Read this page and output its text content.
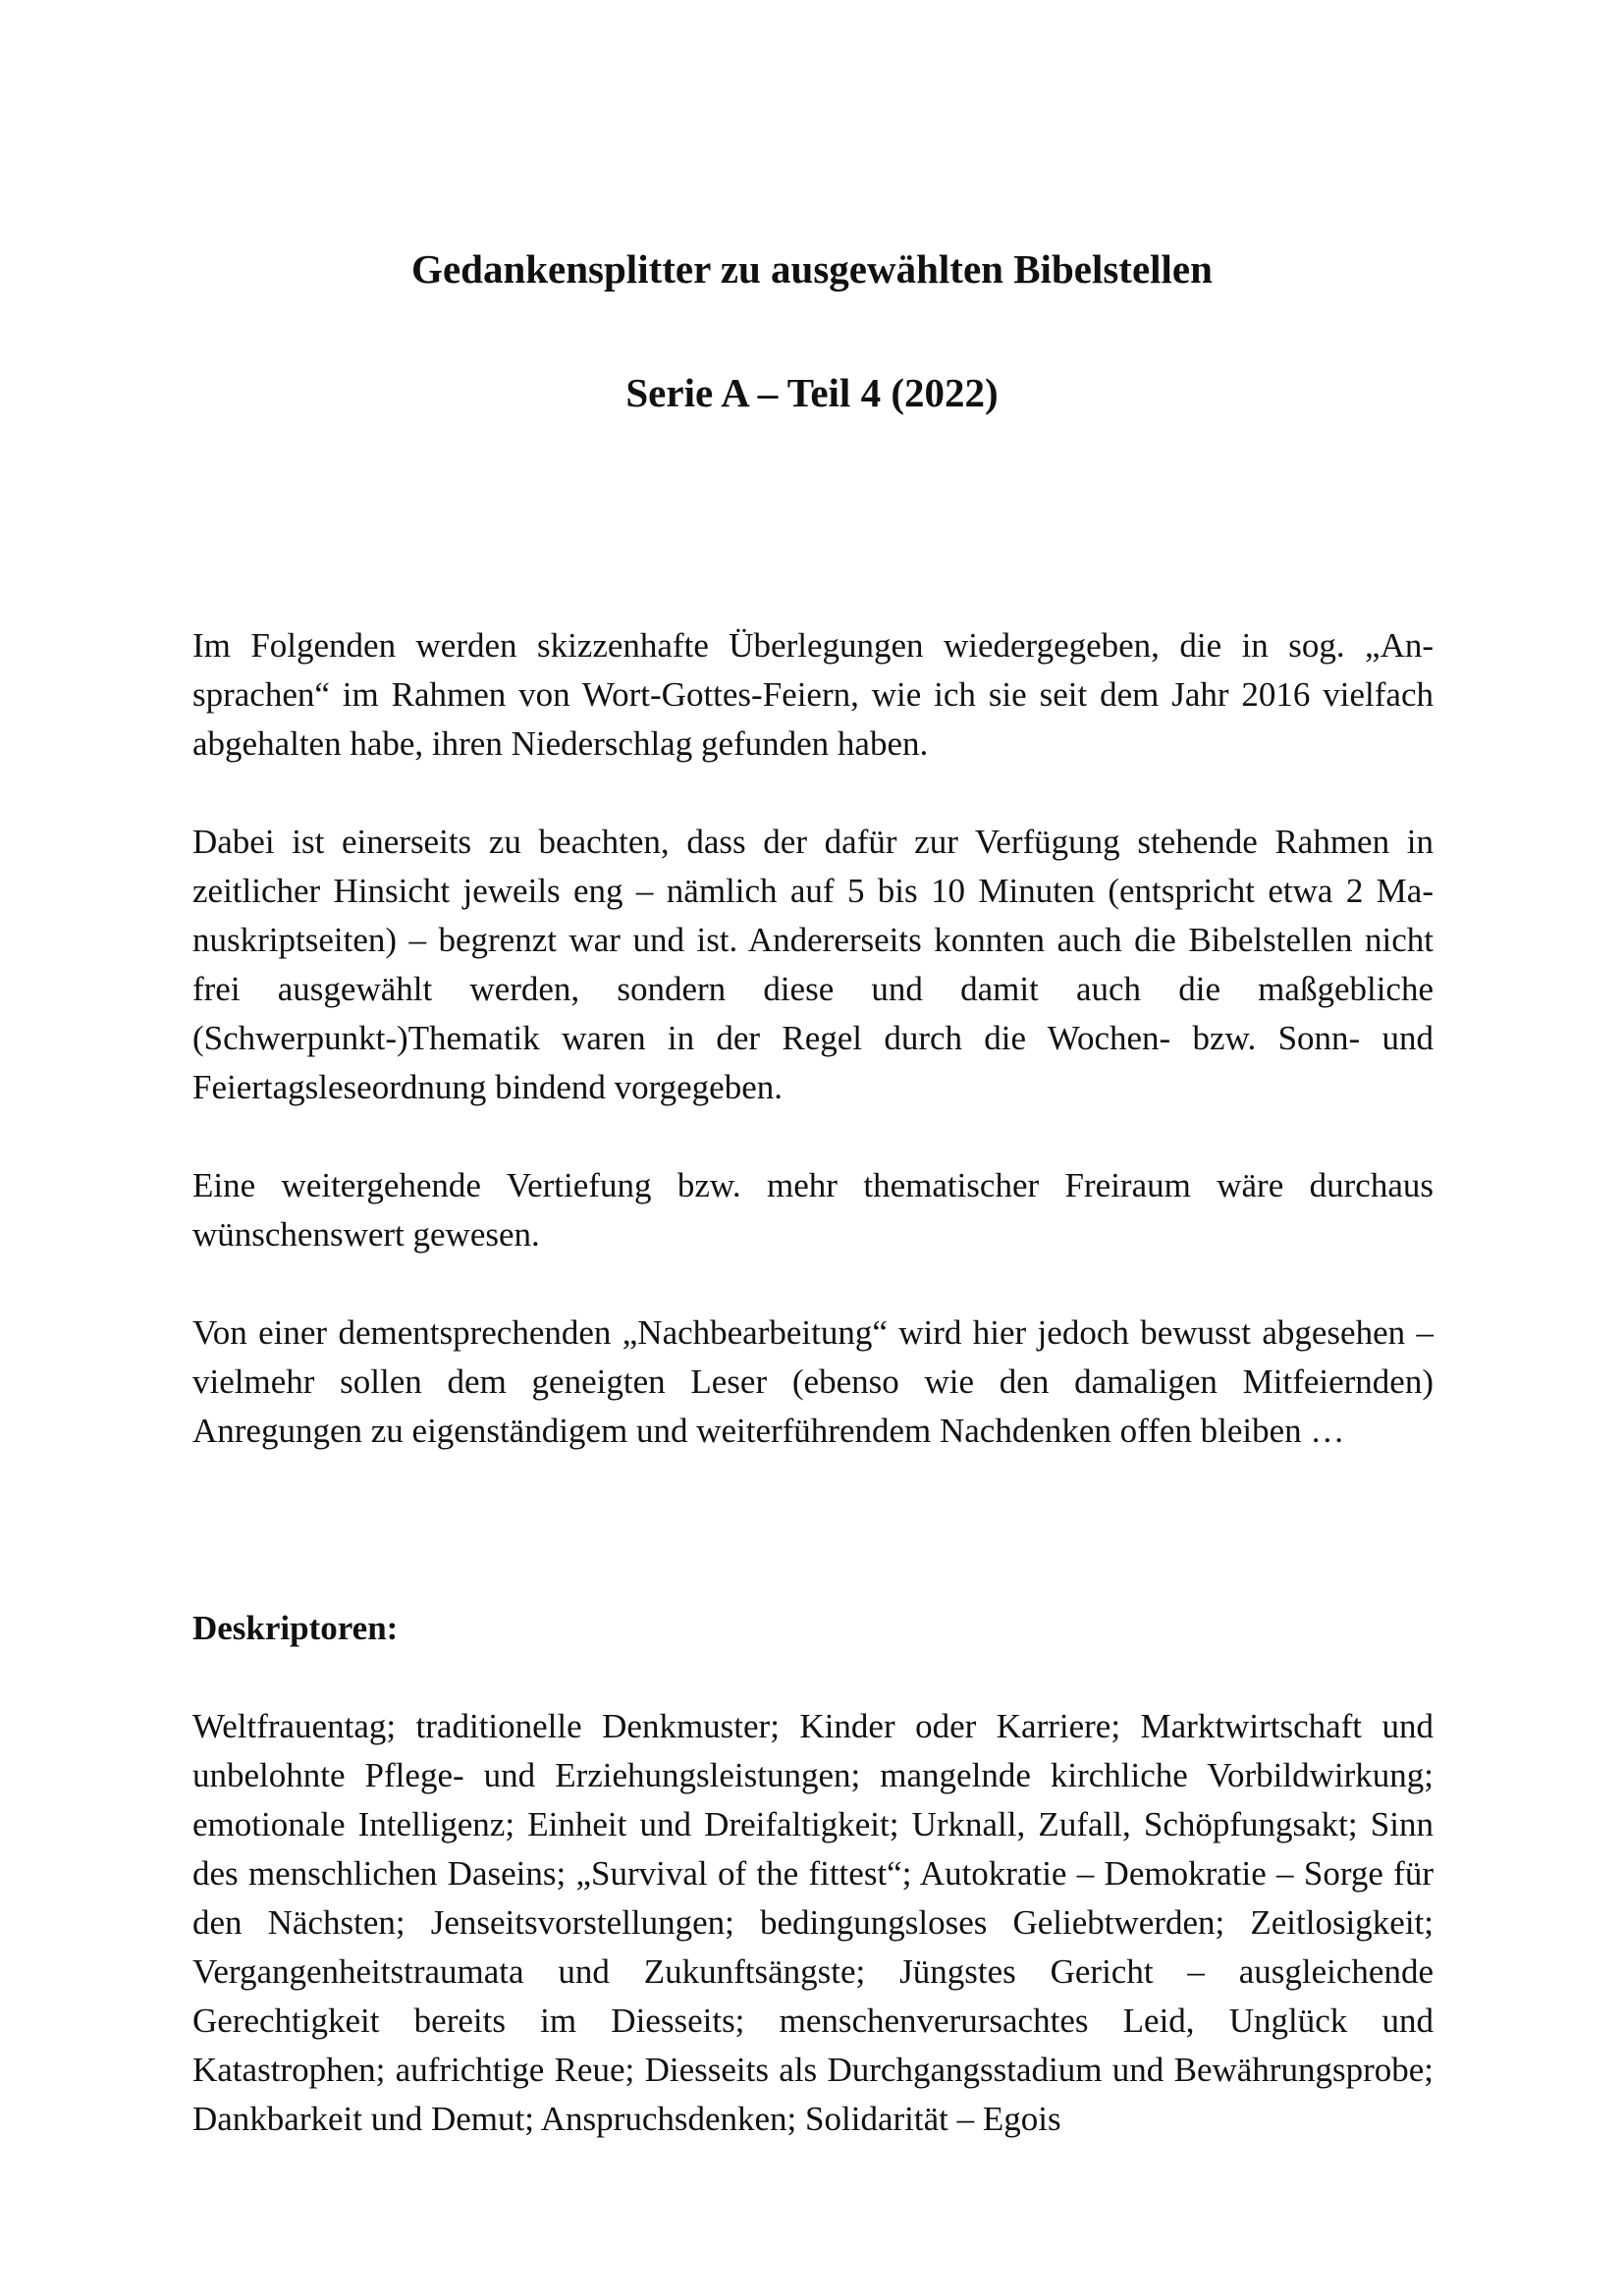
Gedankensplitter zu ausgewählten Bibelstellen
Serie A – Teil 4 (2022)

Im Folgenden werden skizzenhafte Überlegungen wiedergegeben, die in sog. „Ansprachen“ im Rahmen von Wort-Gottes-Feiern, wie ich sie seit dem Jahr 2016 vielfach abgehalten habe, ihren Niederschlag gefunden haben.

Dabei ist einerseits zu beachten, dass der dafür zur Verfügung stehende Rahmen in zeitlicher Hinsicht jeweils eng – nämlich auf 5 bis 10 Minuten (entspricht etwa 2 Manuskriptseiten) – begrenzt war und ist. Andererseits konnten auch die Bibelstellen nicht frei ausgewählt werden, sondern diese und damit auch die maßgebliche (Schwerpunkt-)Thematik waren in der Regel durch die Wochen- bzw. Sonn- und Feiertagsleseordnung bindend vorgegeben.

Eine weitergehende Vertiefung bzw. mehr thematischer Freiraum wäre durchaus wünschenswert gewesen.

Von einer dementsprechenden „Nachbearbeitung“ wird hier jedoch bewusst abgesehen – vielmehr sollen dem geneigten Leser (ebenso wie den damaligen Mitfeiernden) Anregungen zu eigenständigem und weiterführendem Nachdenken offen bleiben …

Deskriptoren:

Weltfrauentag; traditionelle Denkmuster; Kinder oder Karriere; Marktwirtschaft und unbelohnte Pflege- und Erziehungsleistungen; mangelnde kirchliche Vorbildwirkung; emotionale Intelligenz; Einheit und Dreifaltigkeit; Urknall, Zufall, Schöpfungsakt; Sinn des menschlichen Daseins; „Survival of the fittest“; Autokratie – Demokratie – Sorge für den Nächsten; Jenseitsvorstellungen; bedingungsloses Geliebtwerden; Zeitlosigkeit; Vergangenheitstraumata und Zukunftsängste; Jüngstes Gericht – ausgleichende Gerechtigkeit bereits im Diesseits; menschenverursachtes Leid, Unglück und Katastrophen; aufrichtige Reue; Diesseits als Durchgangsstadium und Bewährungsprobe; Dankbarkeit und Demut; Anspruchsdenken; Solidarität – Egois
